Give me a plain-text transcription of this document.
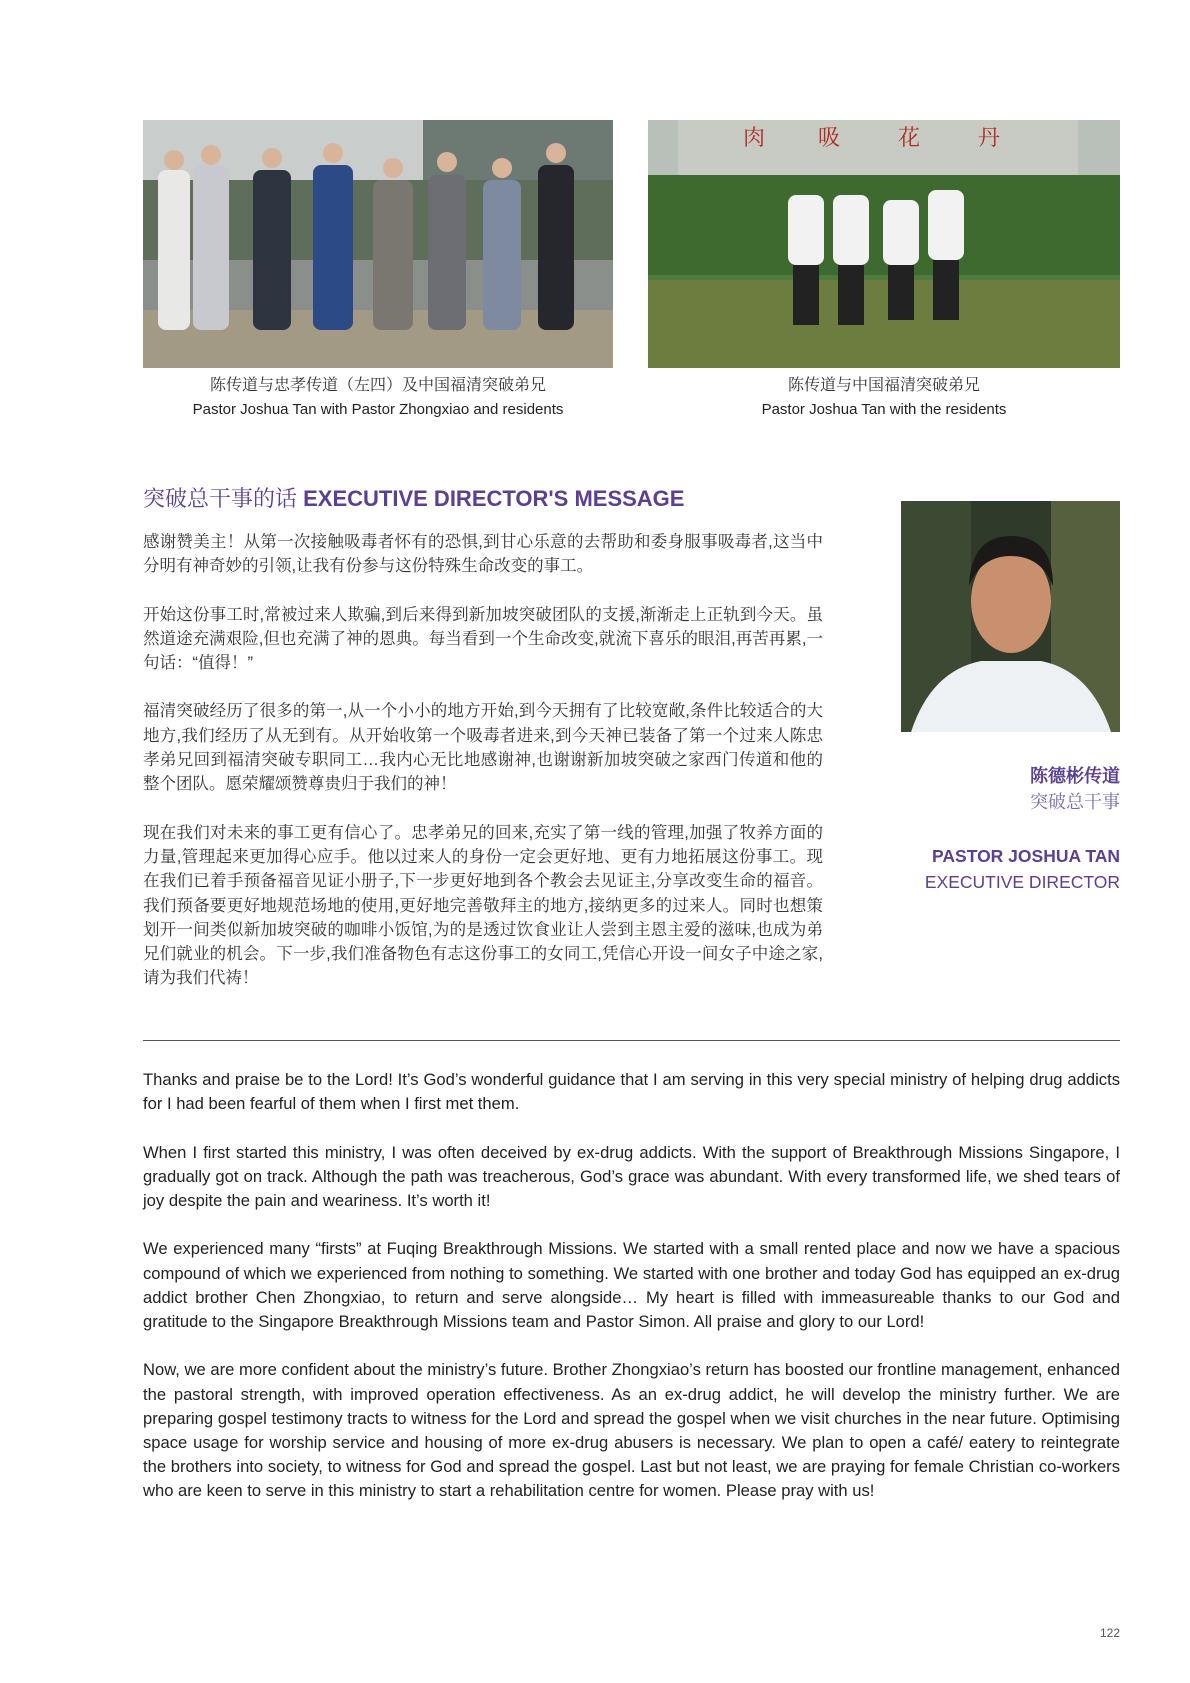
肉 吸	花	丹
陈传道与忠孝传道（左四）及中国福清突破弟兄
Pastor Joshua Tan with Pastor Zhongxiao and residents
陈传道与中国福清突破弟兄
Pastor Joshua Tan with the residents
突破总干事的话 EXECUTIVE DIRECTOR'S MESSAGE

感谢赞美主！从第一次接触吸毒者怀有的恐惧,到甘心乐意的去帮助和委身服事吸毒者,这当中分明有神奇妙的引领,让我有份参与这份特殊生命改变的事工。

开始这份事工时,常被过来人欺骗,到后来得到新加坡突破团队的支援,渐渐走上正轨到今天。虽然道途充满艰险,但也充满了神的恩典。每当看到一个生命改变,就流下喜乐的眼泪,再苦再累,一句话：“值得！”

福清突破经历了很多的第一,从一个小小的地方开始,到今天拥有了比较宽敞,条件比较适合的大地方,我们经历了从无到有。从开始收第一个吸毒者进来,到今天神已装备了第一个过来人陈忠孝弟兄回到福清突破专职同工…我内心无比地感谢神,也谢谢新加坡突破之家西门传道和他的整个团队。愿荣耀颂赞尊贵归于我们的神！

现在我们对未来的事工更有信心了。忠孝弟兄的回来,充实了第一线的管理,加强了牧养方面的力量,管理起来更加得心应手。他以过来人的身份一定会更好地、更有力地拓展这份事工。现在我们已着手预备福音见证小册子,下一步更好地到各个教会去见证主,分享改变生命的福音。我们预备要更好地规范场地的使用,更好地完善敬拜主的地方,接纳更多的过来人。同时也想策划开一间类似新加坡突破的咖啡小饭馆,为的是透过饮食业让人尝到主恩主爱的滋味,也成为弟兄们就业的机会。下一步,我们准备物色有志这份事工的女同工,凭信心开设一间女子中途之家,请为我们代祷！

陈德彬传道
突破总干事
PASTOR JOSHUA TAN
EXECUTIVE DIRECTOR

Thanks and praise be to the Lord! It’s God’s wonderful guidance that I am serving in this very special ministry of helping drug addicts for I had been fearful of them when I first met them.

When I first started this ministry, I was often deceived by ex-drug addicts. With the support of Breakthrough Missions Singapore, I gradually got on track. Although the path was treacherous, God’s grace was abundant. With every transformed life, we shed tears of joy despite the pain and weariness. It’s worth it!

We experienced many “firsts” at Fuqing Breakthrough Missions. We started with a small rented place and now we have a spacious compound of which we experienced from nothing to something. We started with one brother and today God has equipped an ex-drug addict brother Chen Zhongxiao, to return and serve alongside… My heart is filled with immeasureable thanks to our God and gratitude to the Singapore Breakthrough Missions team and Pastor Simon. All praise and glory to our Lord!

Now, we are more confident about the ministry’s future. Brother Zhongxiao’s return has boosted our frontline management, enhanced the pastoral strength, with improved operation effectiveness. As an ex-drug addict, he will develop the ministry further. We are preparing gospel testimony tracts to witness for the Lord and spread the gospel when we visit churches in the near future. Optimising space usage for worship service and housing of more ex-drug abusers is necessary. We plan to open a café/ eatery to reintegrate the brothers into society, to witness for God and spread the gospel. Last but not least, we are praying for female Christian co-workers who are keen to serve in this ministry to start a rehabilitation centre for women. Please pray with us!

122
